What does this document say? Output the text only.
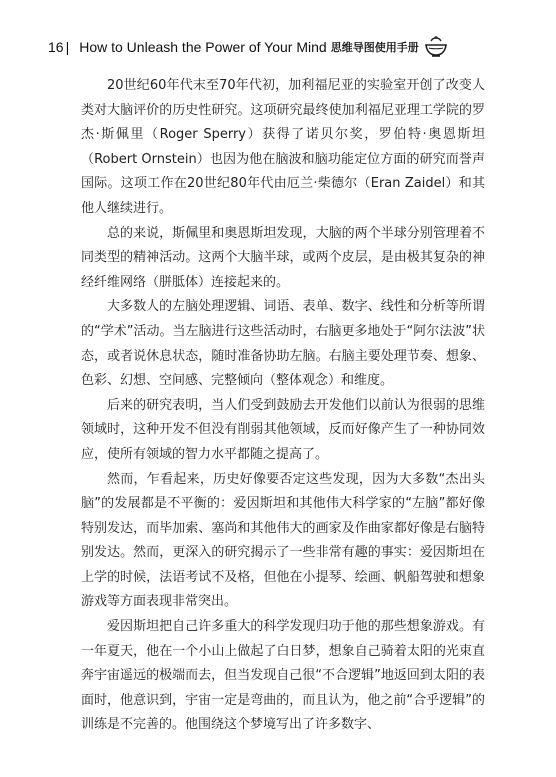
16 | How to Unleash the Power of Your Mind 思维导图使用手册

20世纪60年代末至70年代初，加利福尼亚的实验室开创了改变人类对大脑评价的历史性研究。这项研究最终使加利福尼亚理工学院的罗杰·斯佩里（Roger Sperry）获得了诺贝尔奖，罗伯特·奥恩斯坦（Robert Ornstein）也因为他在脑波和脑功能定位方面的研究而誉声国际。这项工作在20世纪80年代由厄兰·柴德尔（Eran Zaidel）和其他人继续进行。

总的来说，斯佩里和奥恩斯坦发现，大脑的两个半球分别管理着不同类型的精神活动。这两个大脑半球，或两个皮层，是由极其复杂的神经纤维网络（胼胝体）连接起来的。

大多数人的左脑处理逻辑、词语、表单、数字、线性和分析等所谓的“学术”活动。当左脑进行这些活动时，右脑更多地处于“阿尔法波”状态，或者说休息状态，随时准备协助左脑。右脑主要处理节奏、想象、色彩、幻想、空间感、完整倾向（整体观念）和维度。

后来的研究表明，当人们受到鼓励去开发他们以前认为很弱的思维领域时，这种开发不但没有削弱其他领域，反而好像产生了一种协同效应，使所有领域的智力水平都随之提高了。

然而，乍看起来，历史好像要否定这些发现，因为大多数“杰出头脑”的发展都是不平衡的：爱因斯坦和其他伟大科学家的“左脑”都好像特别发达，而毕加索、塞尚和其他伟大的画家及作曲家都好像是右脑特别发达。然而，更深入的研究揭示了一些非常有趣的事实：爱因斯坦在上学的时候，法语考试不及格，但他在小提琴、绘画、帆船驾驶和想象游戏等方面表现非常突出。

爱因斯坦把自己许多重大的科学发现归功于他的那些想象游戏。有一年夏天，他在一个小山上做起了白日梦，想象自己骑着太阳的光束直奔宇宙遥远的极端而去，但当发现自己很“不合逻辑”地返回到太阳的表面时，他意识到，宇宙一定是弯曲的，而且认为，他之前“合乎逻辑”的训练是不完善的。他围绕这个梦境写出了许多数字、
